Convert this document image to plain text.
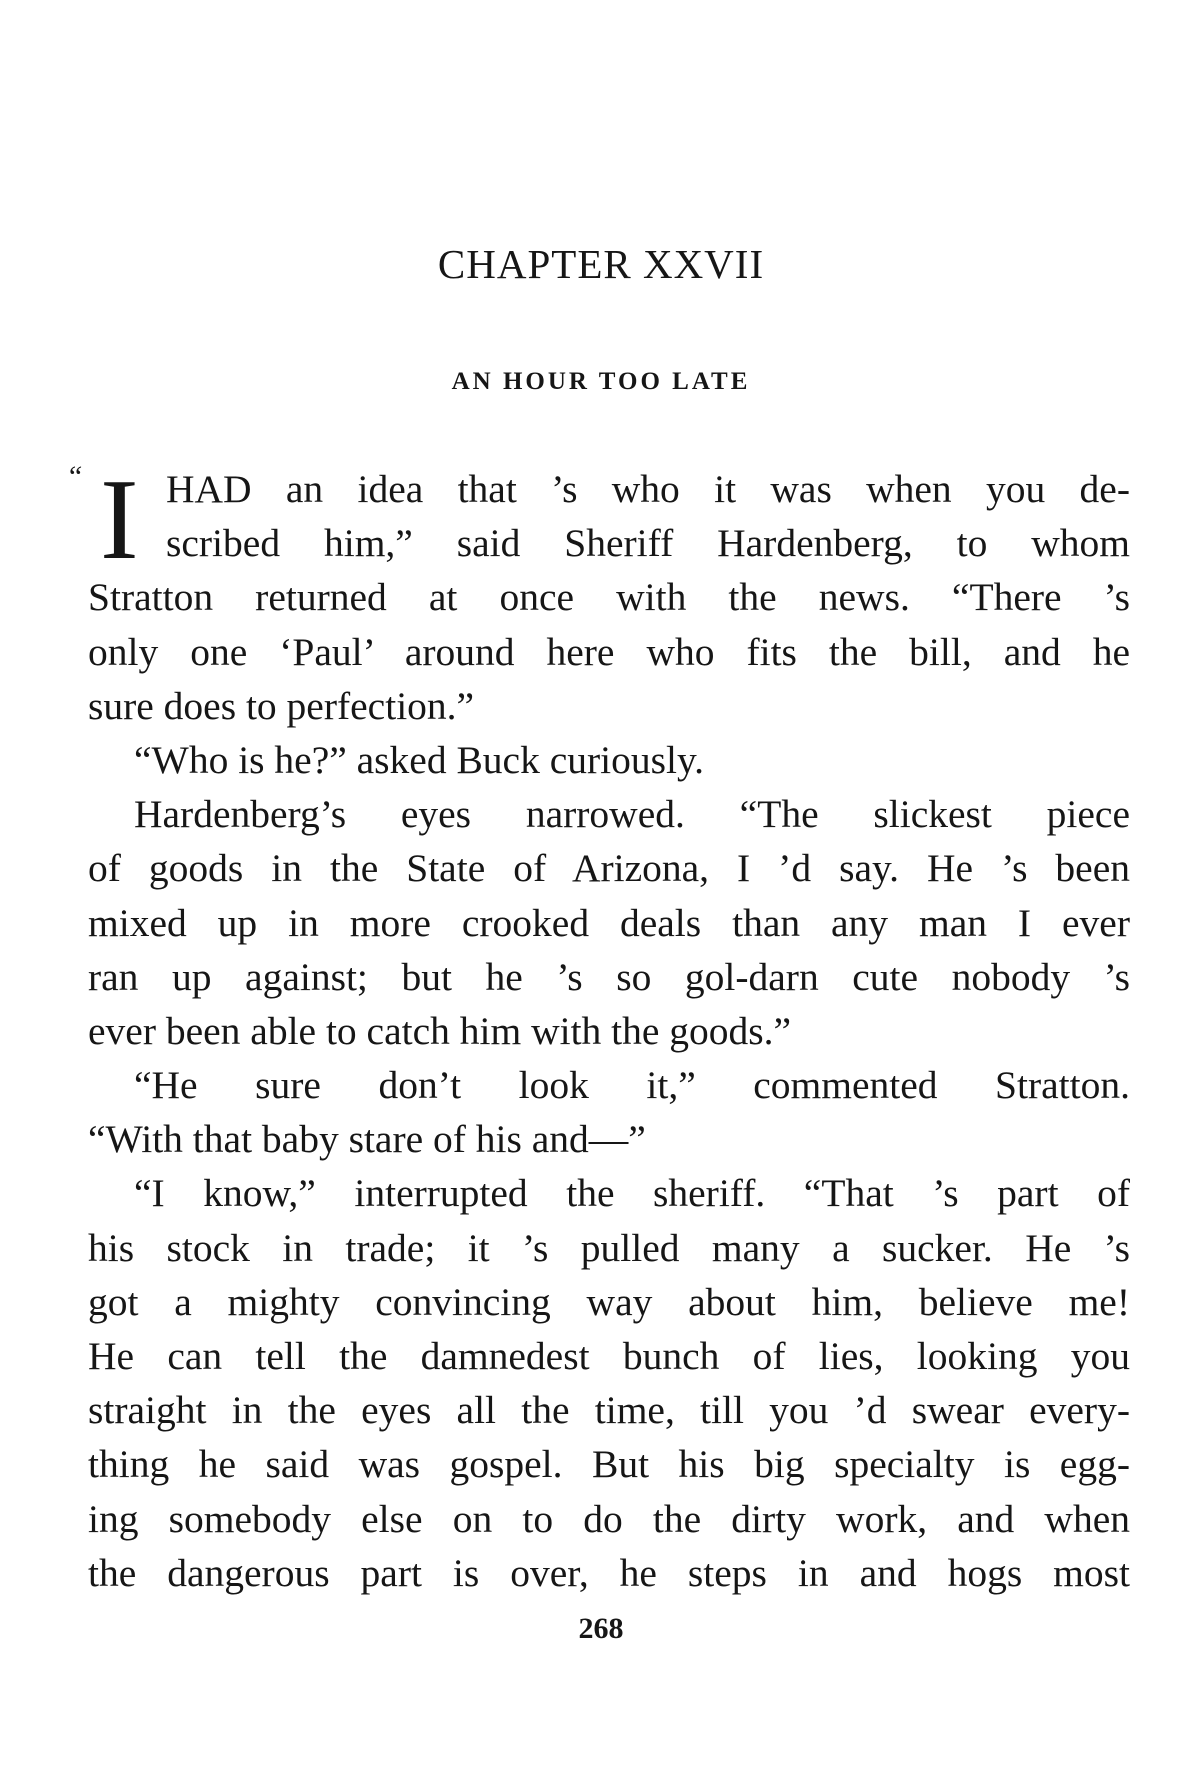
CHAPTER XXVII
AN HOUR TOO LATE
“ I HAD an idea that ’s who it was when you de-
scribed him,” said Sheriff Hardenberg, to whom
Stratton returned at once with the news. “There ’s
only one ‘Paul’ around here who fits the bill, and he
sure does to perfection.”
“Who is he?” asked Buck curiously.
Hardenberg’s eyes narrowed. “The slickest piece
of goods in the State of Arizona, I ’d say. He ’s been
mixed up in more crooked deals than any man I ever
ran up against; but he ’s so gol-darn cute nobody ’s
ever been able to catch him with the goods.”
“He sure don’t look it,” commented Stratton.
“With that baby stare of his and—”
“I know,” interrupted the sheriff. “That ’s part of
his stock in trade; it ’s pulled many a sucker. He ’s
got a mighty convincing way about him, believe me!
He can tell the damnedest bunch of lies, looking you
straight in the eyes all the time, till you ’d swear every-
thing he said was gospel. But his big specialty is egg-
ing somebody else on to do the dirty work, and when
the dangerous part is over, he steps in and hogs most
268
